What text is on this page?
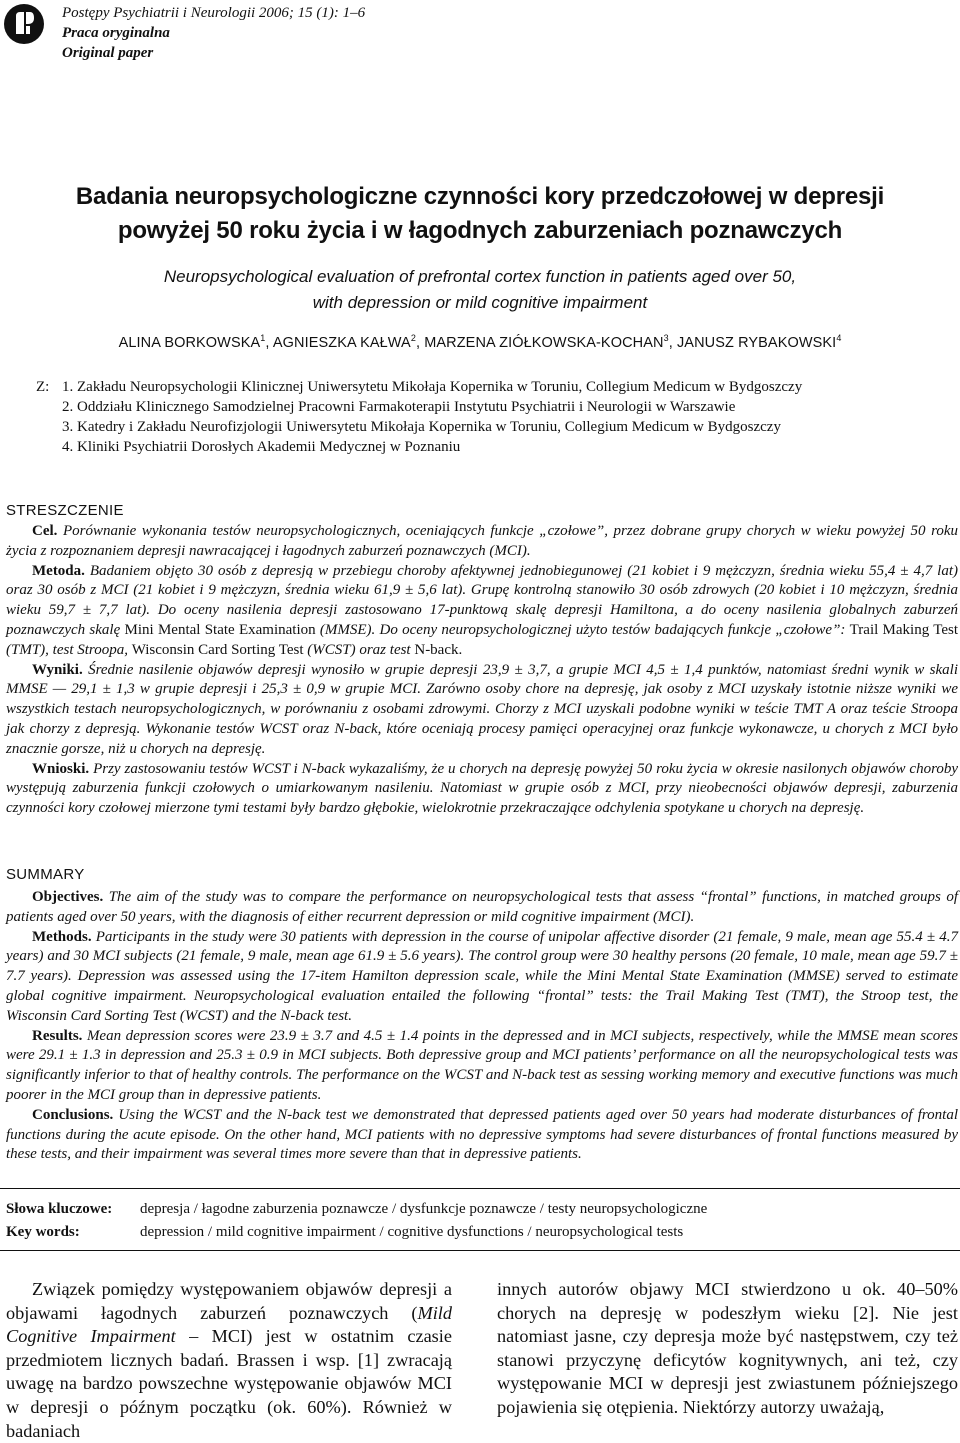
Postępy Psychiatrii i Neurologii 2006; 15 (1): 1–6
Praca oryginalna
Original paper
Badania neuropsychologiczne czynności kory przedczołowej w depresji
powyżej 50 roku życia i w łagodnych zaburzeniach poznawczych
Neuropsychological evaluation of prefrontal cortex function in patients aged over 50,
with depression or mild cognitive impairment
ALINA BORKOWSKA$^1$, AGNIESZKA KAŁWA$^2$, MARZENA ZIÓŁKOWSKA-KOCHAN$^3$, JANUSZ RYBAKOWSKI$^4$
Z: 1. Zakładu Neuropsychologii Klinicznej Uniwersytetu Mikołaja Kopernika w Toruniu, Collegium Medicum w Bydgoszczy
2. Oddziału Klinicznego Samodzielnej Pracowni Farmakoterapii Instytutu Psychiatrii i Neurologii w Warszawie
3. Katedry i Zakładu Neurofizjologii Uniwersytetu Mikołaja Kopernika w Toruniu, Collegium Medicum w Bydgoszczy
4. Kliniki Psychiatrii Dorosłych Akademii Medycznej w Poznaniu
STRESZCZENIE

Cel. Porównanie wykonania testów neuropsychologicznych, oceniających funkcje „czołowe”, przez dobrane grupy chorych w wieku powyżej 50 roku życia z rozpoznaniem depresji nawracającej i łagodnych zaburzeń poznawczych (MCI).

Metoda. Badaniem objęto 30 osób z depresją w przebiegu choroby afektywnej jednobiegunowej (21 kobiet i 9 mężczyzn, średnia wieku 55,4 ± 4,7 lat) oraz 30 osób z MCI (21 kobiet i 9 mężczyzn, średnia wieku 61,9 ± 5,6 lat). Grupę kontrolną stanowiło 30 osób zdrowych (20 kobiet i 10 mężczyzn, średnia wieku 59,7 ± 7,7 lat). Do oceny nasilenia depresji zastosowano 17-punktową skalę depresji Hamiltona, a do oceny nasilenia globalnych zaburzeń poznawczych skalę Mini Mental State Examination (MMSE). Do oceny neuropsychologicznej użyto testów badających funkcje „czołowe”: Trail Making Test (TMT), test Stroopa, Wisconsin Card Sorting Test (WCST) oraz test N-back.

Wyniki. Średnie nasilenie objawów depresji wynosiło w grupie depresji 23,9 ± 3,7, a grupie MCI 4,5 ± 1,4 punktów, natomiast średni wynik w skali MMSE — 29,1 ± 1,3 w grupie depresji i 25,3 ± 0,9 w grupie MCI. Zarówno osoby chore na depresję, jak osoby z MCI uzyskały istotnie niższe wyniki we wszystkich testach neuropsychologicznych, w porównaniu z osobami zdrowymi. Chorzy z MCI uzyskali podobne wyniki w teście TMT A oraz teście Stroopa jak chorzy z depresją. Wykonanie testów WCST oraz N-back, które oceniają procesy pamięci operacyjnej oraz funkcje wykonawcze, u chorych z MCI było znacznie gorsze, niż u chorych na depresję.

Wnioski. Przy zastosowaniu testów WCST i N-back wykazaliśmy, że u chorych na depresję powyżej 50 roku życia w okresie nasilonych objawów choroby występują zaburzenia funkcji czołowych o umiarkowanym nasileniu. Natomiast w grupie osób z MCI, przy nieobecności objawów depresji, zaburzenia czynności kory czołowej mierzone tymi testami były bardzo głębokie, wielokrotnie przekraczające odchylenia spotykane u chorych na depresję.

SUMMARY

Objectives. The aim of the study was to compare the performance on neuropsychological tests that assess “frontal” functions, in matched groups of patients aged over 50 years, with the diagnosis of either recurrent depression or mild cognitive impairment (MCI).

Methods. Participants in the study were 30 patients with depression in the course of unipolar affective disorder (21 female, 9 male, mean age 55.4 ± 4.7 years) and 30 MCI subjects (21 female, 9 male, mean age 61.9 ± 5.6 years). The control group were 30 healthy persons (20 female, 10 male, mean age 59.7 ± 7.7 years). Depression was assessed using the 17-item Hamilton depression scale, while the Mini Mental State Examination (MMSE) served to estimate global cognitive impairment. Neuropsychological evaluation entailed the following “frontal” tests: the Trail Making Test (TMT), the Stroop test, the Wisconsin Card Sorting Test (WCST) and the N-back test.

Results. Mean depression scores were 23.9 ± 3.7 and 4.5 ± 1.4 points in the depressed and in MCI subjects, respectively, while the MMSE mean scores were 29.1 ± 1.3 in depression and 25.3 ± 0.9 in MCI subjects. Both depressive group and MCI patients’ performance on all the neuropsychological tests was significantly inferior to that of healthy controls. The performance on the WCST and N-back test as sessing working memory and executive functions was much poorer in the MCI group than in depressive patients.

Conclusions. Using the WCST and the N-back test we demonstrated that depressed patients aged over 50 years had moderate disturbances of frontal functions during the acute episode. On the other hand, MCI patients with no depressive symptoms had severe disturbances of frontal functions measured by these tests, and their impairment was several times more severe than that in depressive patients.

Słowa kluczowe:	depresja / łagodne zaburzenia poznawcze / dysfunkcje poznawcze / testy neuropsychologiczne
Key words:	depression / mild cognitive impairment / cognitive dysfunctions / neuropsychological tests

Związek pomiędzy występowaniem objawów depresji a objawami łagodnych zaburzeń poznawczych (Mild Cognitive Impairment – MCI) jest w ostatnim czasie przedmiotem licznych badań. Brassen i wsp. [1] zwracają uwagę na bardzo powszechne występowanie objawów MCI w depresji o późnym początku (ok. 60%). Również w badaniach

innych autorów objawy MCI stwierdzono u ok. 40–50% chorych na depresję w podeszłym wieku [2]. Nie jest natomiast jasne, czy depresja może być następstwem, czy też stanowi przyczynę deficytów kognitywnych, ani też, czy występowanie MCI w depresji jest zwiastunem późniejszego pojawienia się otępienia. Niektórzy autorzy uważają,
